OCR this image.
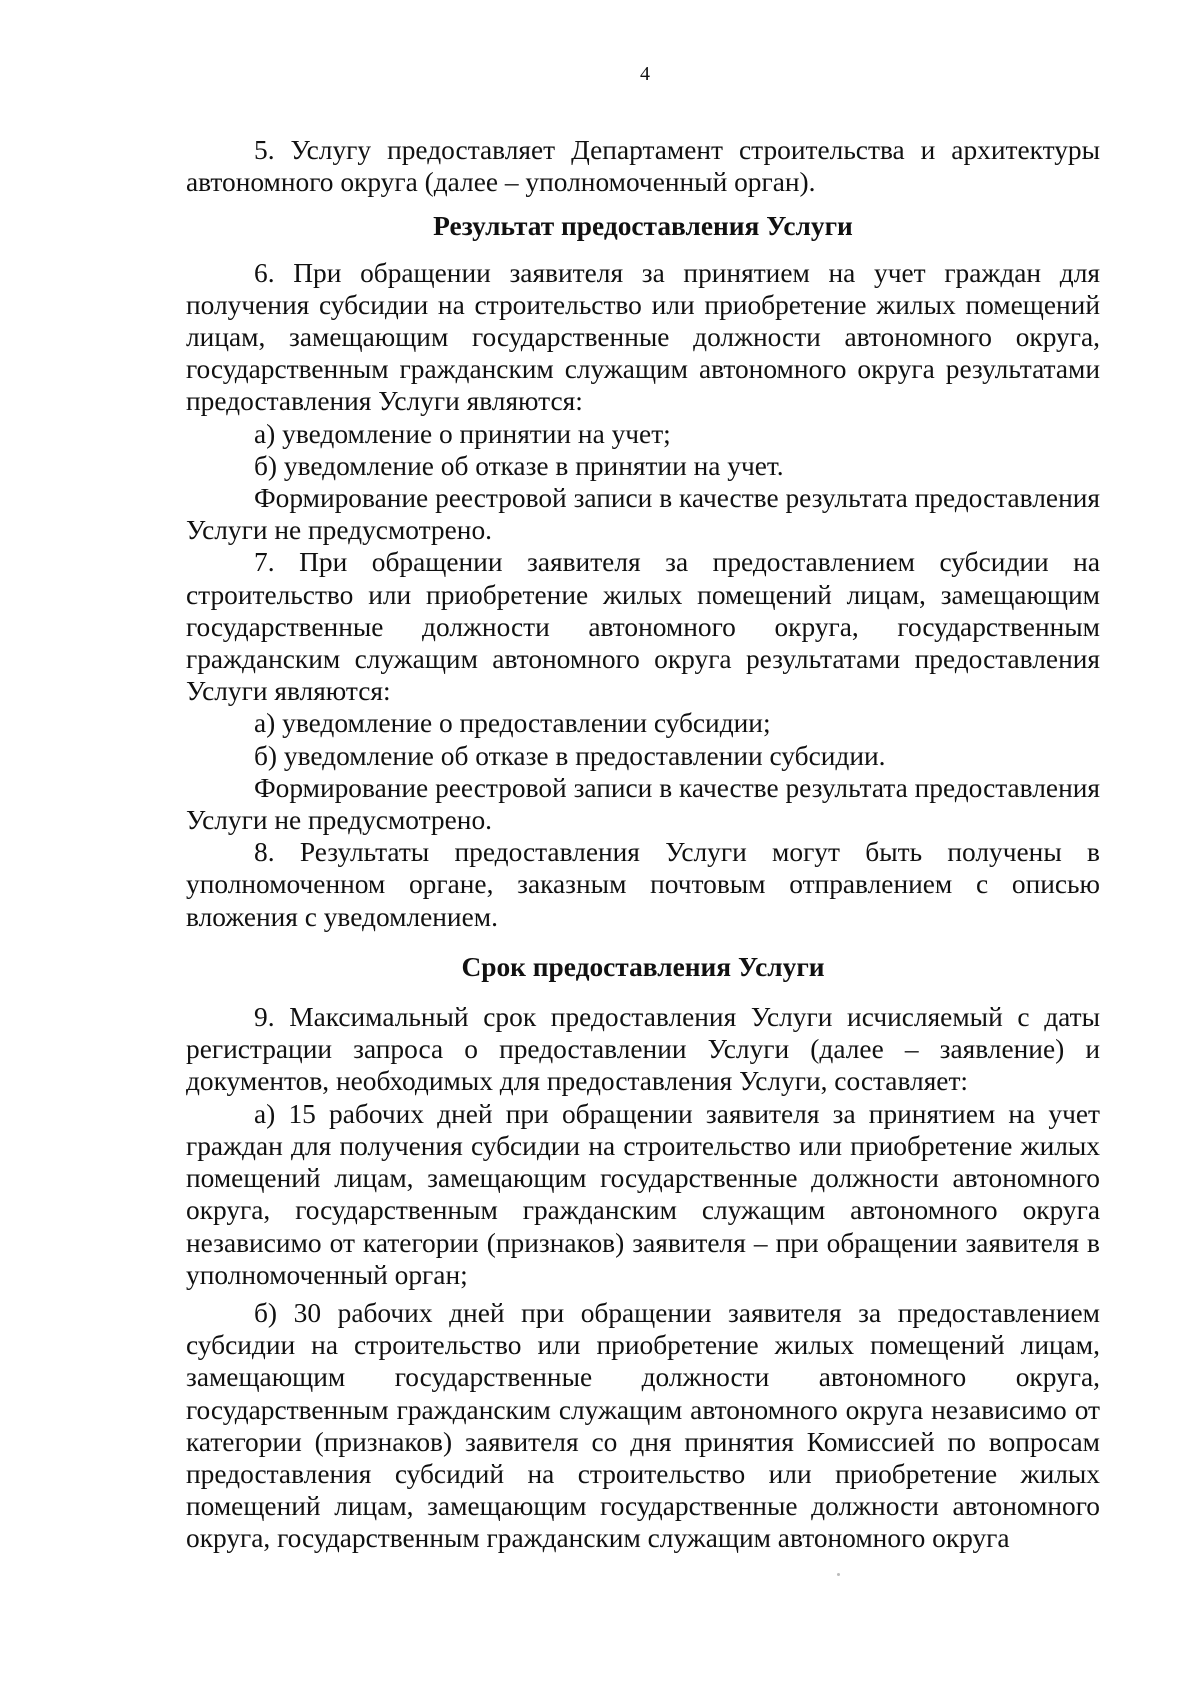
4

5. Услугу предоставляет Департамент строительства и архитектуры автономного округа (далее – уполномоченный орган).

Результат предоставления Услуги

6. При обращении заявителя за принятием на учет граждан для получения субсидии на строительство или приобретение жилых помещений лицам, замещающим государственные должности автономного округа, государственным гражданским служащим автономного округа результатами предоставления Услуги являются:

а) уведомление о принятии на учет;

б) уведомление об отказе в принятии на учет.

Формирование реестровой записи в качестве результата предоставления Услуги не предусмотрено.

7. При обращении заявителя за предоставлением субсидии на строительство или приобретение жилых помещений лицам, замещающим государственные должности автономного округа, государственным гражданским служащим автономного округа результатами предоставления Услуги являются:

а) уведомление о предоставлении субсидии;

б) уведомление об отказе в предоставлении субсидии.

Формирование реестровой записи в качестве результата предоставления Услуги не предусмотрено.

8. Результаты предоставления Услуги могут быть получены в уполномоченном органе, заказным почтовым отправлением с описью вложения с уведомлением.

Срок предоставления Услуги

9. Максимальный срок предоставления Услуги исчисляемый с даты регистрации запроса о предоставлении Услуги (далее – заявление) и документов, необходимых для предоставления Услуги, составляет:

а) 15 рабочих дней при обращении заявителя за принятием на учет граждан для получения субсидии на строительство или приобретение жилых помещений лицам, замещающим государственные должности автономного округа, государственным гражданским служащим автономного округа независимо от категории (признаков) заявителя – при обращении заявителя в уполномоченный орган;

б) 30 рабочих дней при обращении заявителя за предоставлением субсидии на строительство или приобретение жилых помещений лицам, замещающим государственные должности автономного округа, государственным гражданским служащим автономного округа независимо от категории (признаков) заявителя со дня принятия Комиссией по вопросам предоставления субсидий на строительство или приобретение жилых помещений лицам, замещающим государственные должности автономного округа, государственным гражданским служащим автономного округа
